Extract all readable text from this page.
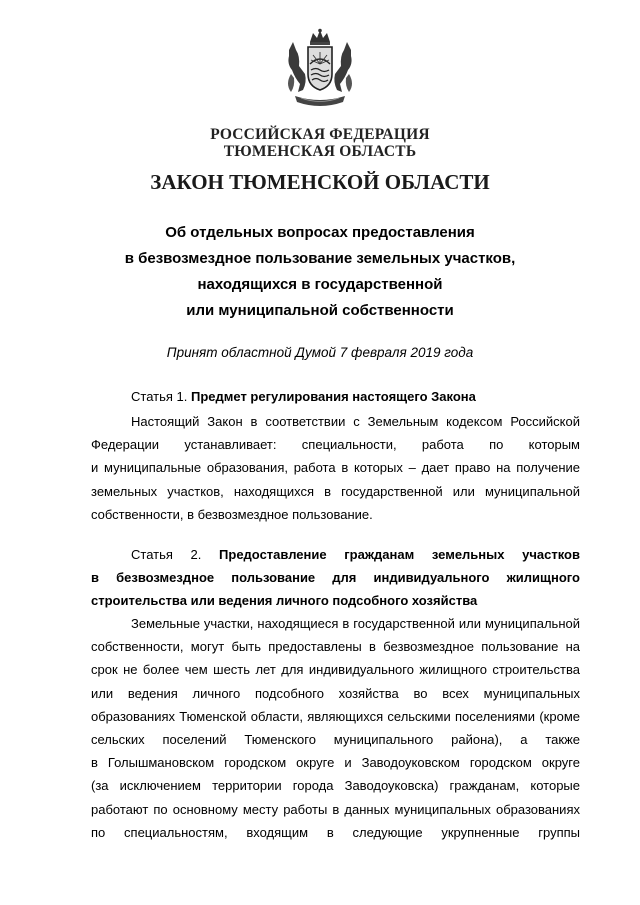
РОССИЙСКАЯ ФЕДЕРАЦИЯ
ТЮМЕНСКАЯ ОБЛАСТЬ
ЗАКОН ТЮМЕНСКОЙ ОБЛАСТИ
Об отдельных вопросах предоставления
в безвозмездное пользование земельных участков,
находящихся в государственной
или муниципальной собственности
Принят областной Думой 7 февраля 2019 года
Статья 1. Предмет регулирования настоящего Закона
Настоящий Закон в соответствии с Земельным кодексом Российской
Федерации устанавливает: специальности, работа по которым
и муниципальные образования, работа в которых – дает право на получение
земельных участков, находящихся в государственной или муниципальной
собственности, в безвозмездное пользование.
Статья 2. Предоставление гражданам земельных участков
в безвозмездное пользование для индивидуального жилищного
строительства или ведения личного подсобного хозяйства
Земельные участки, находящиеся в государственной или муниципальной
собственности, могут быть предоставлены в безвозмездное пользование на
срок не более чем шесть лет для индивидуального жилищного строительства
или ведения личного подсобного хозяйства во всех муниципальных
образованиях Тюменской области, являющихся сельскими поселениями (кроме
сельских поселений Тюменского муниципального района), а также
в Голышмановском городском округе и Заводоуковском городском округе
(за исключением территории города Заводоуковска) гражданам, которые
работают по основному месту работы в данных муниципальных образованиях
по специальностям, входящим в следующие укрупненные группы
